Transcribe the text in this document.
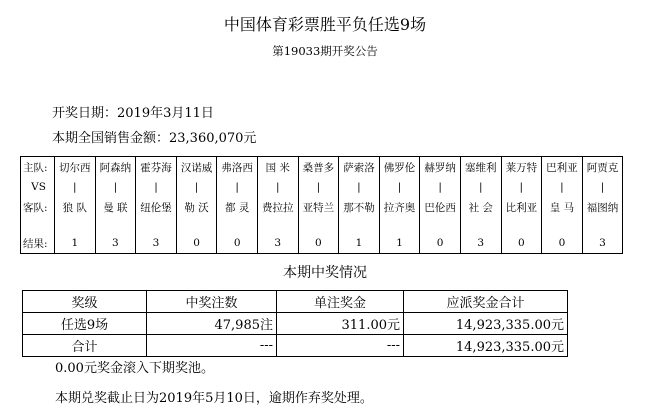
中国体育彩票胜平负任选9场
第19033期开奖公告
开奖日期：2019年3月11日
本期全国销售金额：23,360,070元
主队:	切尔西	阿森纳	霍芬海	汉诺威	弗洛西	国 米	桑普多	萨索洛	佛罗伦	赫罗纳	塞维利	莱万特	巴利亚	阿贾克
VS	|	|	|	|	|	|	|	|	|	|	|	|	|	|
客队:	狼 队	曼 联	纽伦堡	勒 沃	都 灵	费拉拉	亚特兰	那不勒	拉齐奥	巴伦西	社 会	比利亚	皇 马	福图纳

结果:	1	3	3	0	0	3	0	1	1	0	3	0	0	3
本期中奖情况
奖级	中奖注数	单注奖金	应派奖金合计
任选9场	47,985注	311.00元	14,923,335.00元
合计	---	---	14,923,335.00元
0.00元奖金滚入下期奖池。
本期兑奖截止日为2019年5月10日，逾期作弃奖处理。
